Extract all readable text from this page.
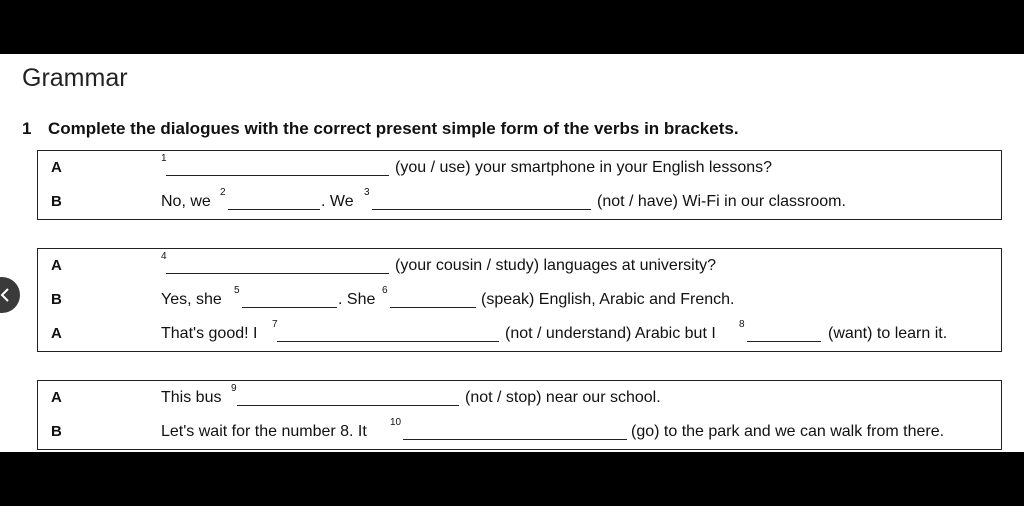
Grammar
1 Complete the dialogues with the correct present simple form of the verbs in brackets.
A
1
(you / use) your smartphone in your English lessons?
B	No, we
2
. We
3
(not / have) Wi-Fi in our classroom.
A
4
(your cousin / study) languages at university?
B	Yes, she
5
. She
6
(speak) English, Arabic and French.
A	That's good! I
7
(not / understand) Arabic but I
8
(want) to learn it.
A	This bus
9
(not / stop) near our school.
B	Let's wait for the number 8. It
10
(go) to the park and we can walk from there.
